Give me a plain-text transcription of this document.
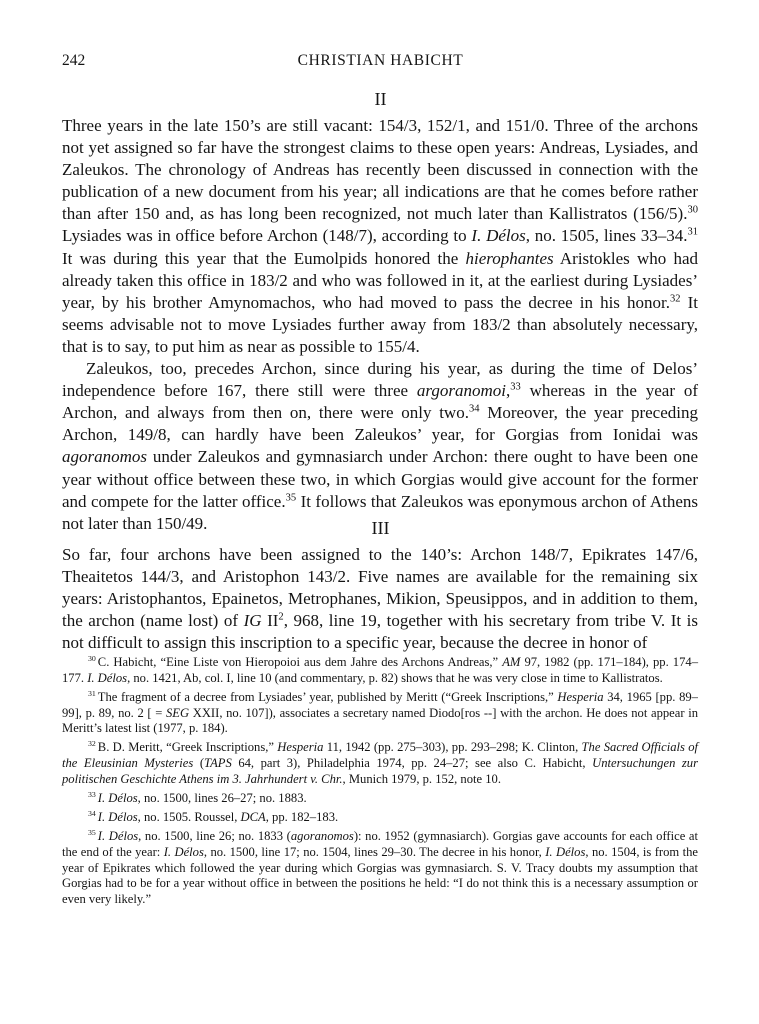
242	CHRISTIAN HABICHT
II

Three years in the late 150’s are still vacant: 154/3, 152/1, and 151/0. Three of the archons not yet assigned so far have the strongest claims to these open years: Andreas, Lysiades, and Zaleukos. The chronology of Andreas has recently been discussed in connection with the publication of a new document from his year; all indications are that he comes before rather than after 150 and, as has long been recognized, not much later than Kallistratos (156/5).$^{30}$ Lysiades was in office before Archon (148/7), according to I. Délos, no. 1505, lines 33–34.31 It was during this year that the Eumolpids honored the hierophantes Aristokles who had already taken this office in 183/2 and who was followed in it, at the earliest during Lysiades’ year, by his brother Amynomachos, who had moved to pass the decree in his honor.$^{32}$ It seems advisable not to move Lysiades further away from 183/2 than absolutely necessary, that is to say, to put him as near as possible to 155/4.

Zaleukos, too, precedes Archon, since during his year, as during the time of Delos’ independence before 167, there still were three argoranomoi,$^{33}$ whereas in the year of Archon, and always from then on, there were only two.$^{34}$ Moreover, the year preceding Archon, 149/8, can hardly have been Zaleukos’ year, for Gorgias from Ionidai was agoranomos under Zaleukos and gymnasiarch under Archon: there ought to have been one year without office between these two, in which Gorgias would give account for the former and compete for the latter office.$^{35}$ It follows that Zaleukos was eponymous archon of Athens not later than 150/49.	III

So far, four archons have been assigned to the 140’s: Archon 148/7, Epikrates 147/6, Theaitetos 144/3, and Aristophon 143/2. Five names are available for the remaining six years: Aristophantos, Epainetos, Metrophanes, Mikion, Speusippos, and in addition to them, the archon (name lost) of IG $II^2$, 968, line 19, together with his secretary from tribe V. It is not difficult to assign this inscription to a specific year, because the decree in honor of

$^{30}$ C. Habicht, “Eine Liste von Hieropoioi aus dem Jahre des Archons Andreas,” AM 97, 1982 (pp. 171–184), pp. 174–177. I. Délos, no. 1421, Ab, col. I, line 10 (and commentary, p. 82) shows that he was very close in time to Kallistratos.

$^{31}$ The fragment of a decree from Lysiades’ year, published by Meritt (“Greek Inscriptions,” Hesperia 34, 1965 [pp. 89–99], p. 89, no. 2 [ = SEG XXII, no. 107]), associates a secretary named Diodo[ros --] with the archon. He does not appear in Meritt’s latest list (1977, p. 184).

$^{32}$ B. D. Meritt, “Greek Inscriptions,” Hesperia 11, 1942 (pp. 275–303), pp. 293–298; K. Clinton, The Sacred Officials of the Eleusinian Mysteries (TAPS 64, part 3), Philadelphia 1974, pp. 24–27; see also C. Habicht, Untersuchungen zur politischen Geschichte Athens im 3. Jahrhundert v. Chr., Munich 1979, p. 152, note 10.

$^{33}$ I. Délos, no. 1500, lines 26–27; no. 1883.

$^{34}$ I. Délos, no. 1505. Roussel, DCA, pp. 182–183.

$^{35}$ I. Délos, no. 1500, line 26; no. 1833 (agoranomos): no. 1952 (gymnasiarch). Gorgias gave accounts for each office at the end of the year: I. Délos, no. 1500, line 17; no. 1504, lines 29–30. The decree in his honor, I. Délos, no. 1504, is from the year of Epikrates which followed the year during which Gorgias was gymnasiarch. S. V. Tracy doubts my assumption that Gorgias had to be for a year without office in between the positions he held: “I do not think this is a necessary assumption or even very likely.”
